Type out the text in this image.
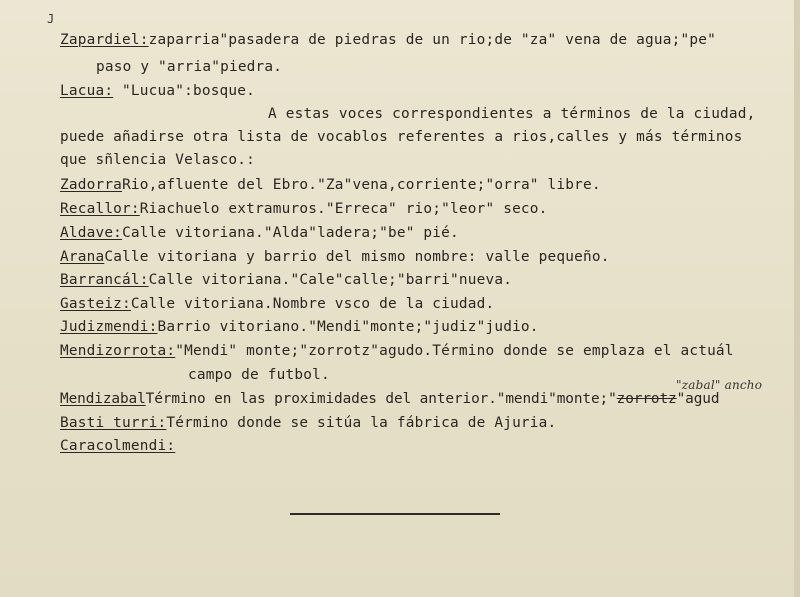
J
Zapardiel:zaparria"pasadera de piedras de un rio;de "za" vena de agua;"pe"
paso y "arria"piedra.
Lacua: "Lucua":bosque.
A estas voces correspondientes a términos de la ciudad,
puede añadirse otra lista de vocablos referentes a rios,calles y más términos
que sñlencia Velasco.:
ZadorraRio,afluente del Ebro."Za"vena,corriente;"orra" libre.
Recallor:Riachuelo extramuros."Erreca" rio;"leor" seco.
Aldave:Calle vitoriana."Alda"ladera;"be" pié.
AranaCalle vitoriana y barrio del mismo nombre: valle pequeño.
Barrancál:Calle vitoriana."Cale"calle;"barri"nueva.
Gasteiz:Calle vitoriana.Nombre vsco de la ciudad.
Judizmendi:Barrio vitoriano."Mendi"monte;"judiz"judio.
Mendizorrota:"Mendi" monte;"zorrotz"agudo.Término donde se emplaza el actuál
campo de futbol.
"zabal" ancho
MendizabalTérmino en las proximidades del anterior."mendi"monte;"zorrotz"agud
Basti turri:Término donde se sitúa la fábrica de Ajuria.
Caracolmendi:
